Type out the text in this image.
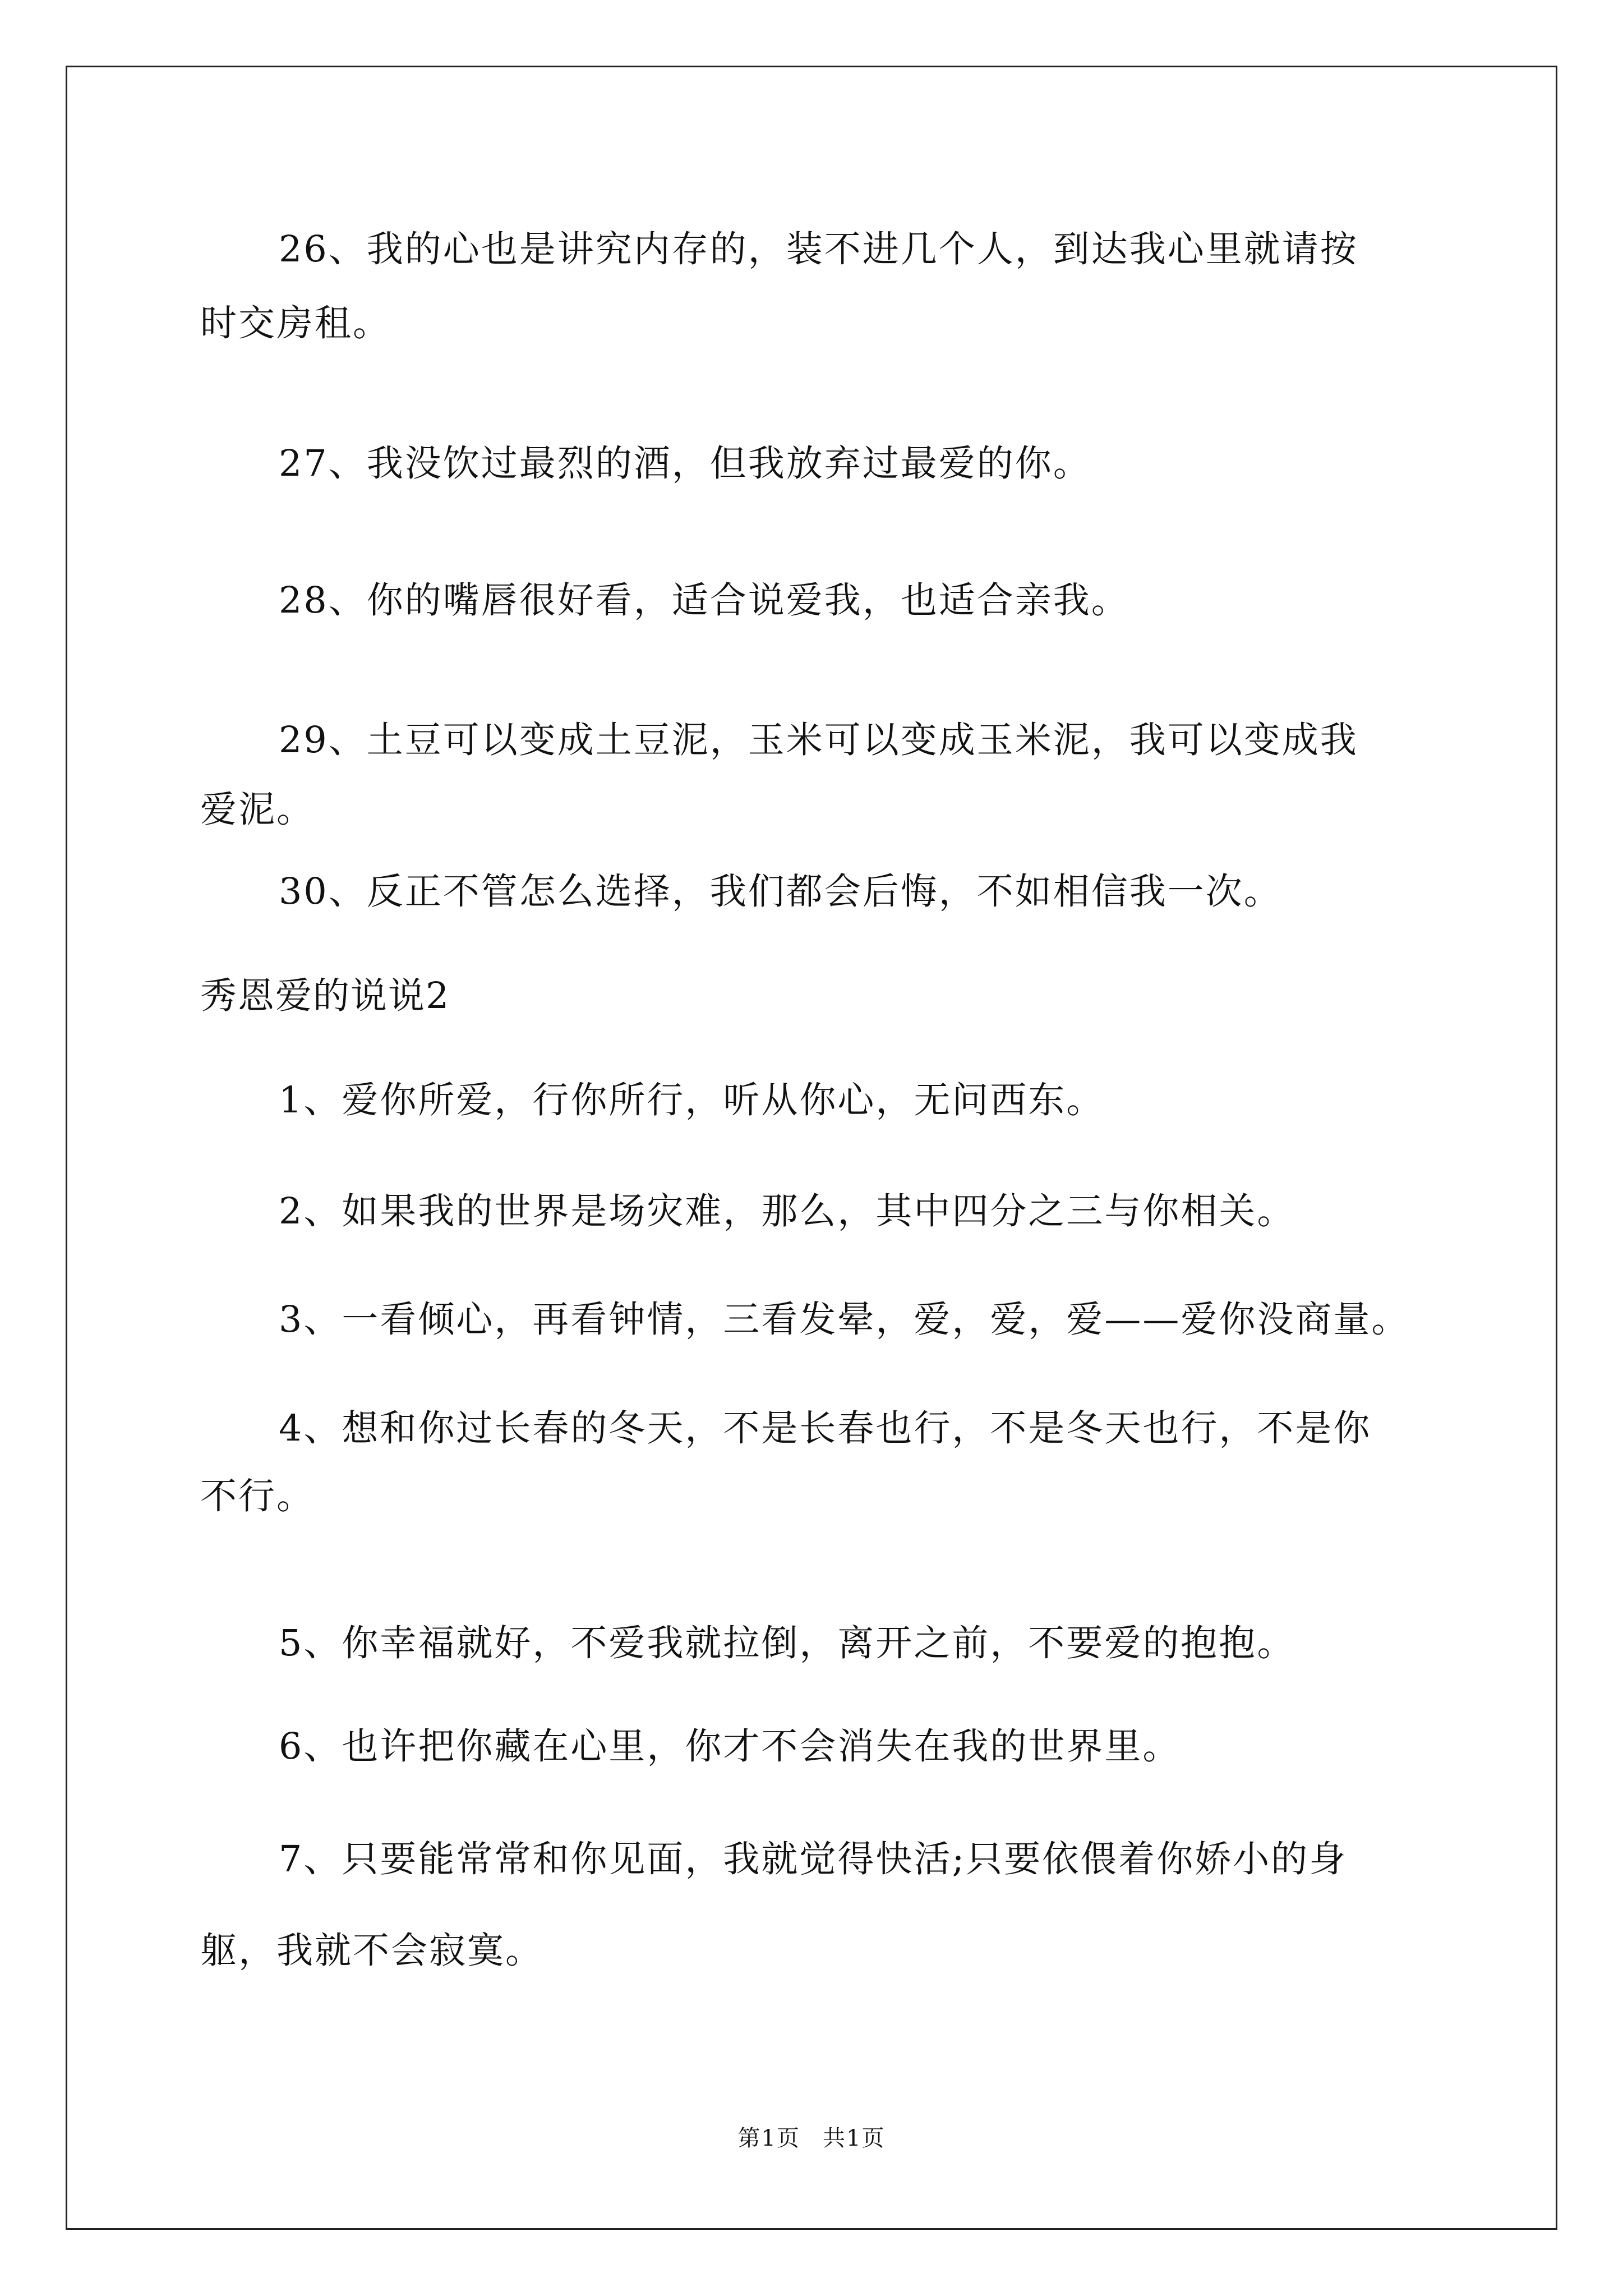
26、我的心也是讲究内存的，装不进几个人，到达我心里就请按
时交房租。
27、我没饮过最烈的酒，但我放弃过最爱的你。
28、你的嘴唇很好看，适合说爱我，也适合亲我。
29、土豆可以变成土豆泥，玉米可以变成玉米泥，我可以变成我
爱泥。
30、反正不管怎么选择，我们都会后悔，不如相信我一次。
秀恩爱的说说2
1、爱你所爱，行你所行，听从你心，无问西东。
2、如果我的世界是场灾难，那么，其中四分之三与你相关。
3、一看倾心，再看钟情，三看发晕，爱，爱，爱——爱你没商量。
4、想和你过长春的冬天，不是长春也行，不是冬天也行，不是你
不行。
5、你幸福就好，不爱我就拉倒，离开之前，不要爱的抱抱。
6、也许把你藏在心里，你才不会消失在我的世界里。
7、只要能常常和你见面，我就觉得快活;只要依偎着你娇小的身
躯，我就不会寂寞。
第1页 共1页
